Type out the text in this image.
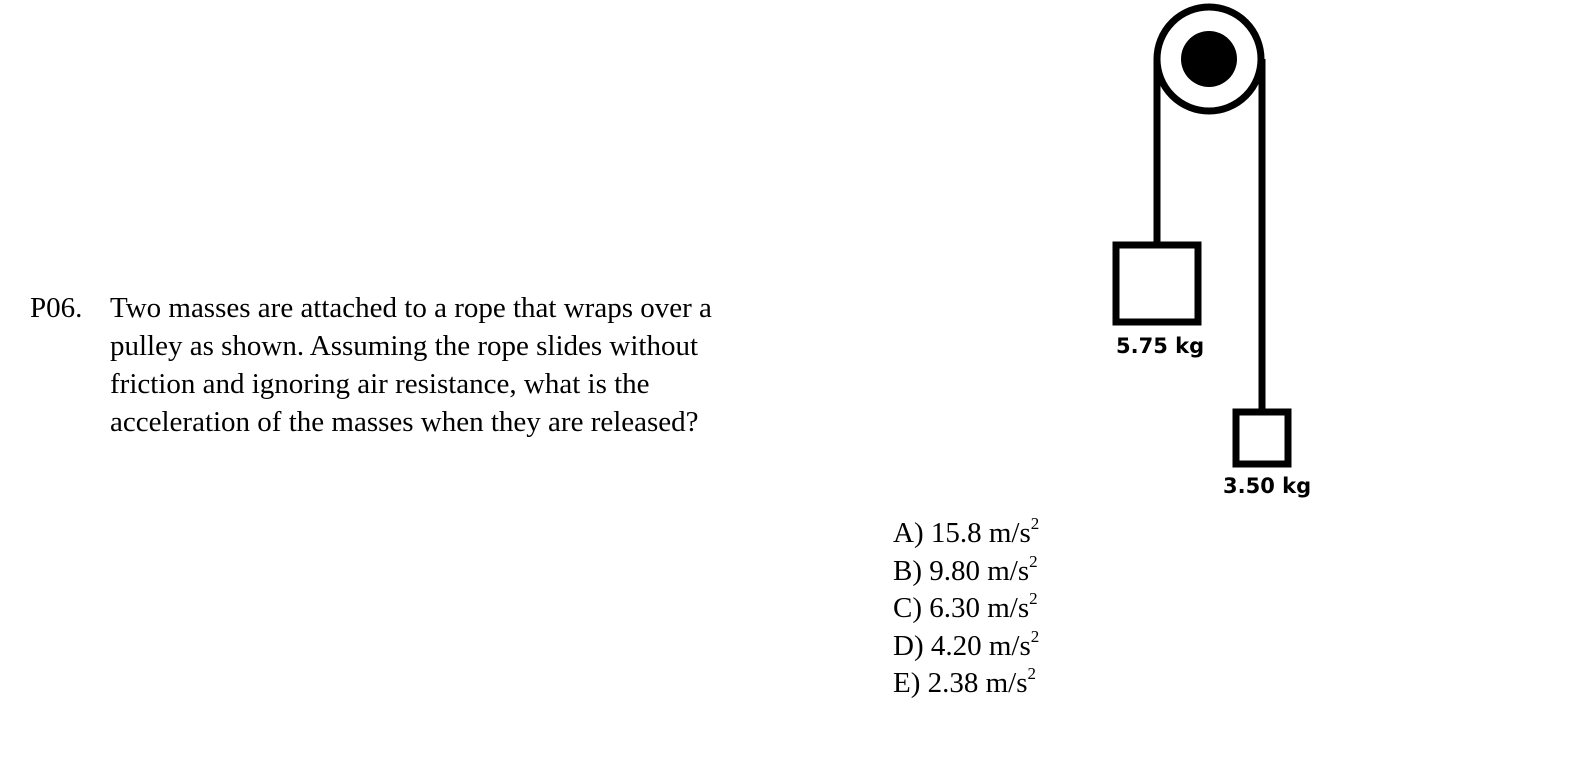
5.75 kg
3.50 kg
P06. Two masses are attached to a rope that wraps over a pulley as shown. Assuming the rope slides without friction and ignoring air resistance, what is the acceleration of the masses when they are released?
A) 15.8 $m/s^2$
B) 9.80 $m/s^2$
C) 6.30 $m/s^2$
D) 4.20 $m/s^2$
E) 2.38 $m/s^2$
